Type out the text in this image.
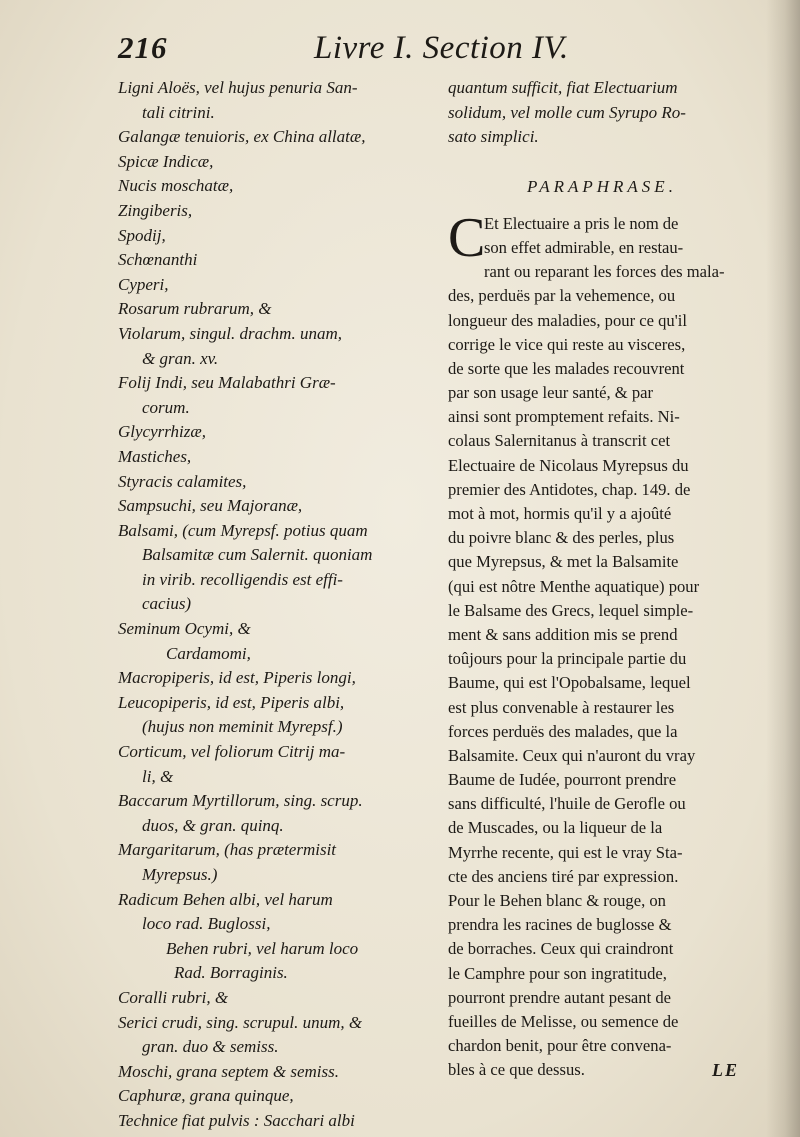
216	Livre I. Section IV.
Ligni Aloës, vel hujus penuria San-
tali citrini.
Galangæ tenuioris, ex China allatæ,
Spicæ Indicæ,
Nucis moschatæ,
Zingiberis,
Spodij,
Schœnanthi
Cyperi,
Rosarum rubrarum, &
Violarum, singul. drachm. unam,
& gran. xv.
Folij Indi, seu Malabathri Græ-
corum.
Glycyrrhizæ,
Mastiches,
Styracis calamites,
Sampsuchi, seu Majoranæ,
Balsami, (cum Myrepsf. potius quam
Balsamitæ cum Salernit. quoniam
in virib. recolligendis est effi-
cacius)
Seminum Ocymi, &
Cardamomi,
Macropiperis, id est, Piperis longi,
Leucopiperis, id est, Piperis albi,
(hujus non meminit Myrepsf.)
Corticum, vel foliorum Citrij ma-
li, &
Baccarum Myrtillorum, sing. scrup.
duos, & gran. quinq.
Margaritarum, (has prætermisit
Myrepsus.)
Radicum Behen albi, vel harum
loco rad. Buglossi,
Behen rubri, vel harum loco
Rad. Borraginis.
Coralli rubri, &
Serici crudi, sing. scrupul. unum, &
gran. duo & semiss.
Moschi, grana septem & semiss.
Caphuræ, grana quinque,
Technice fiat pulvis : Sacchari albi
quantum sufficit, fiat Electuarium
solidum, vel molle cum Syrupo Ro-
sato simplici.
PARAPHRASE.
C
Et Electuaire a pris le nom de
son effet admirable, en restau-
rant ou reparant les forces des mala-
des, perduës par la vehemence, ou
longueur des maladies, pour ce qu'il
corrige le vice qui reste au visceres,
de sorte que les malades recouvrent
par son usage leur santé, & par
ainsi sont promptement refaits. Ni-
colaus Salernitanus à transcrit cet
Electuaire de Nicolaus Myrepsus du
premier des Antidotes, chap. 149. de
mot à mot, hormis qu'il y a ajoûté
du poivre blanc & des perles, plus
que Myrepsus, & met la Balsamite
(qui est nôtre Menthe aquatique) pour
le Balsame des Grecs, lequel simple-
ment & sans addition mis se prend
toûjours pour la principale partie du
Baume, qui est l'Opobalsame, lequel
est plus convenable à restaurer les
forces perduës des malades, que la
Balsamite. Ceux qui n'auront du vray
Baume de Iudée, pourront prendre
sans difficulté, l'huile de Gerofle ou
de Muscades, ou la liqueur de la
Myrrhe recente, qui est le vray Sta-
cte des anciens tiré par expression.
Pour le Behen blanc & rouge, on
prendra les racines de buglosse &
de borraches. Ceux qui craindront
le Camphre pour son ingratitude,
pourront prendre autant pesant de
fueilles de Melisse, ou semence de
chardon benit, pour être convena-
bles à ce que dessus.	LE
